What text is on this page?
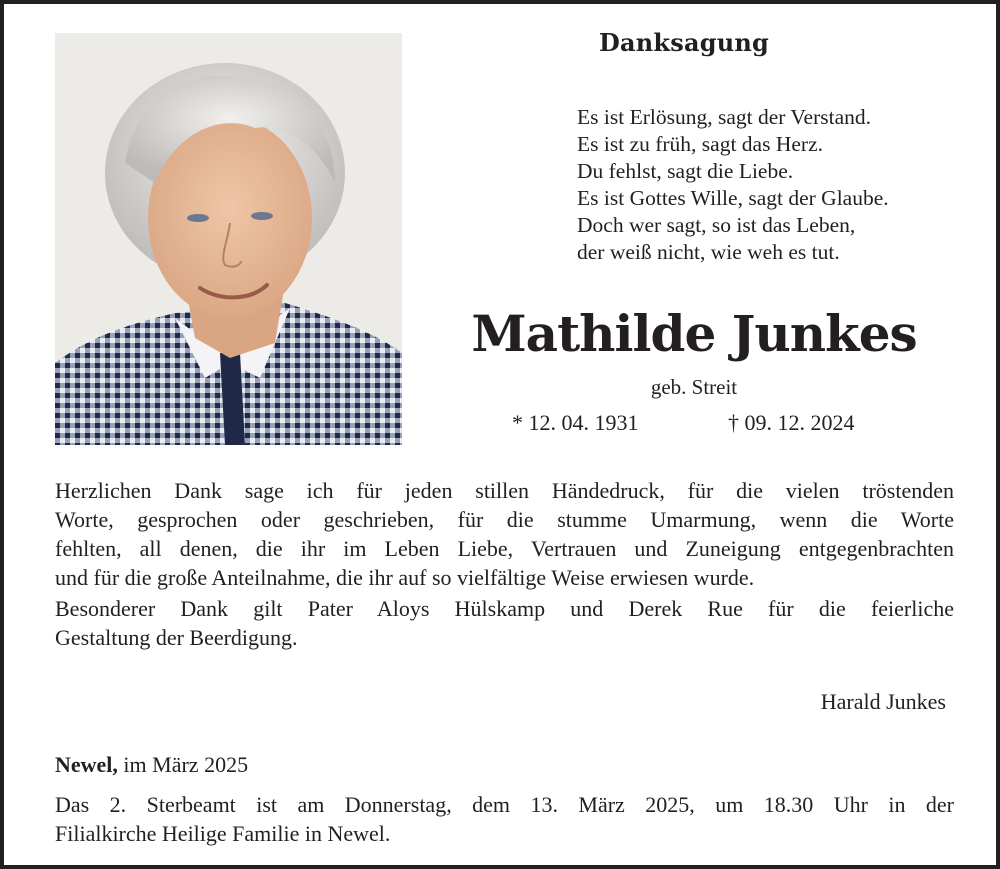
Danksagung
Es ist Erlösung, sagt der Verstand.
Es ist zu früh, sagt das Herz.
Du fehlst, sagt die Liebe.
Es ist Gottes Wille, sagt der Glaube.
Doch wer sagt, so ist das Leben,
der weiß nicht, wie weh es tut.
Mathilde Junkes
geb. Streit
* 12. 04. 1931	† 09. 12. 2024
Herzlichen Dank sage ich für jeden stillen Händedruck, für die vielen tröstenden
Worte, gesprochen oder geschrieben, für die stumme Umarmung, wenn die Worte
fehlten, all denen, die ihr im Leben Liebe, Vertrauen und Zuneigung entgegenbrachten
und für die große Anteilnahme, die ihr auf so vielfältige Weise erwiesen wurde.
Besonderer Dank gilt Pater Aloys Hülskamp und Derek Rue für die feierliche
Gestaltung der Beerdigung.
Harald Junkes
Newel, im März 2025
Das 2. Sterbeamt ist am Donnerstag, dem 13. März 2025, um 18.30 Uhr in der
Filialkirche Heilige Familie in Newel.
